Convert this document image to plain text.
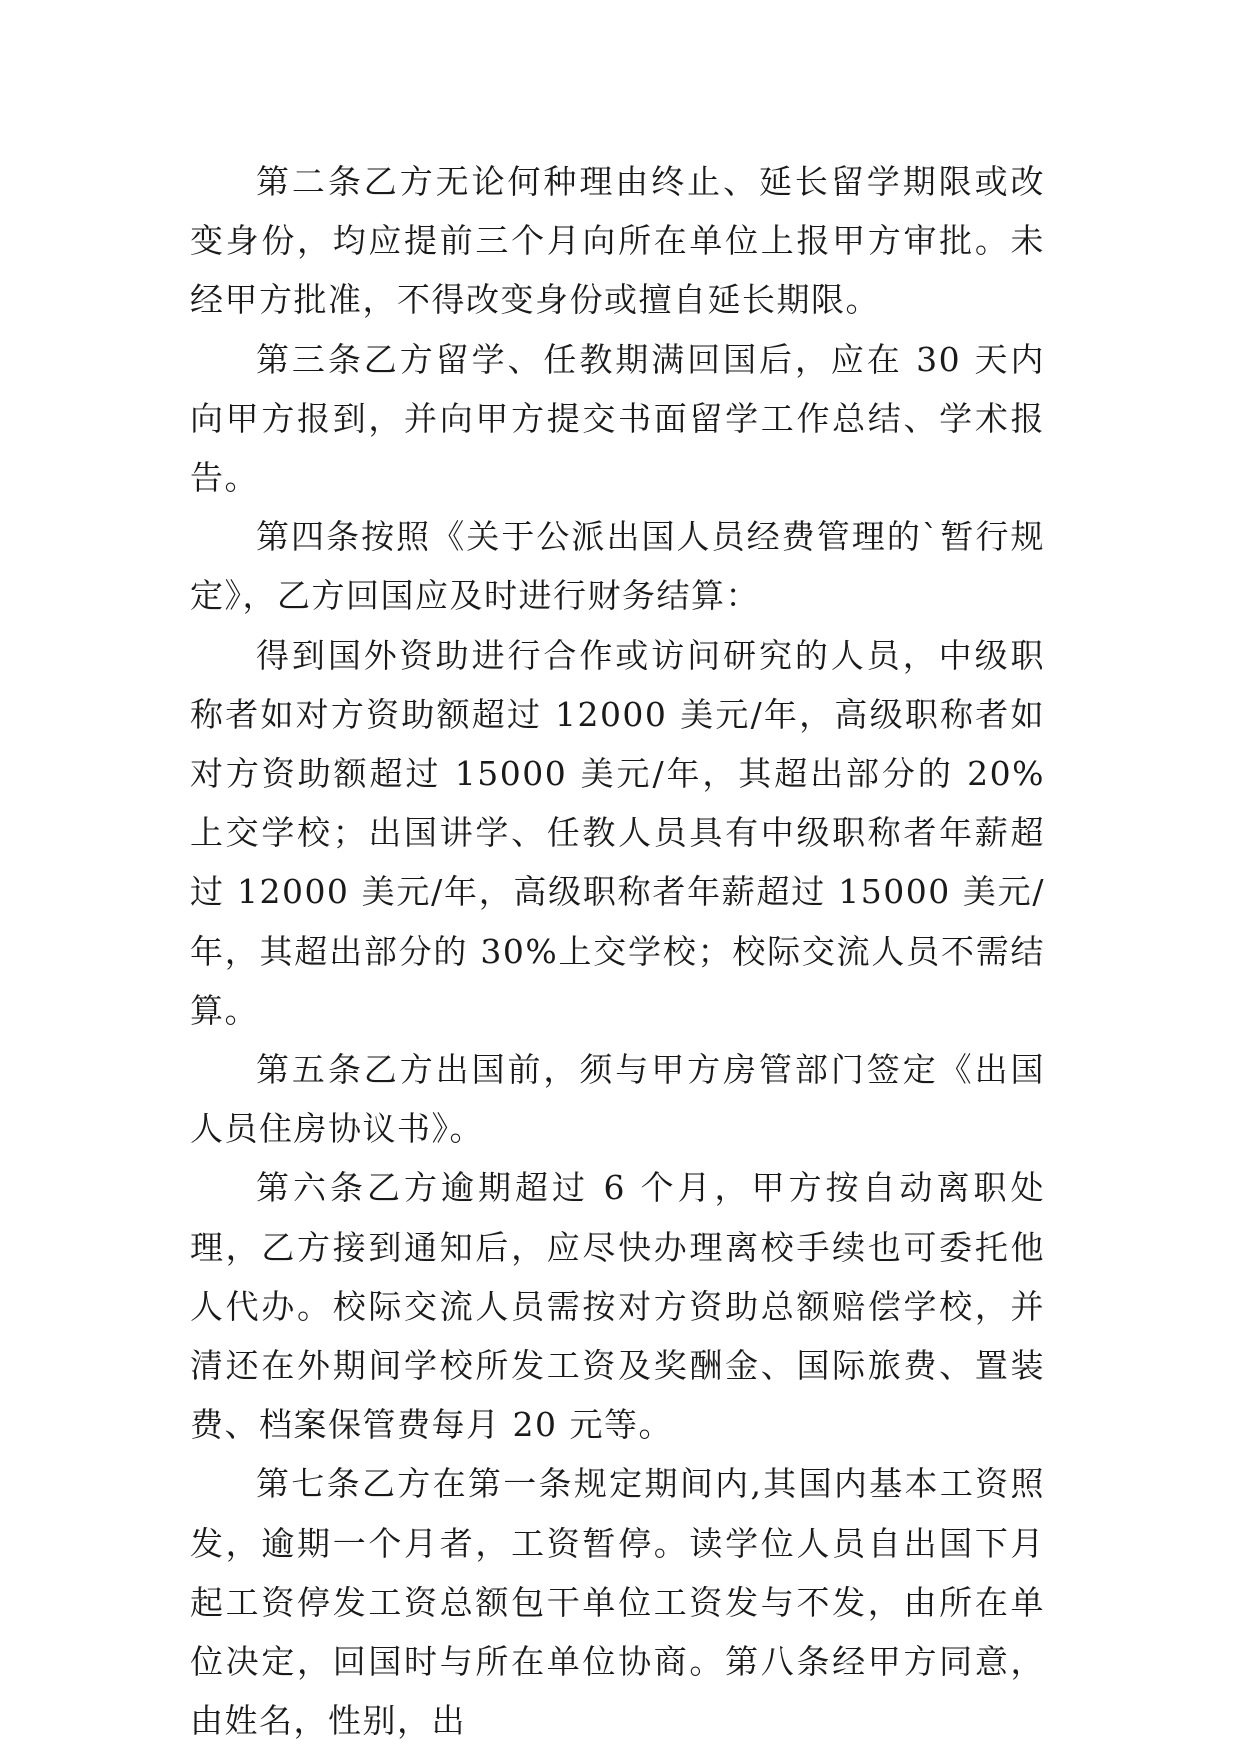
第二条乙方无论何种理由终止、延长留学期限或改变身份，均应提前三个月向所在单位上报甲方审批。未经甲方批准，不得改变身份或擅自延长期限。

第三条乙方留学、任教期满回国后，应在 30 天内向甲方报到，并向甲方提交书面留学工作总结、学术报告。

第四条按照《关于公派出国人员经费管理的`暂行规定》，乙方回国应及时进行财务结算：

得到国外资助进行合作或访问研究的人员，中级职称者如对方资助额超过 12000 美元/年，高级职称者如对方资助额超过 15000 美元/年，其超出部分的 20%上交学校；出国讲学、任教人员具有中级职称者年薪超过 12000 美元/年，高级职称者年薪超过 15000 美元/年，其超出部分的 30%上交学校；校际交流人员不需结算。

第五条乙方出国前，须与甲方房管部门签定《出国人员住房协议书》。

第六条乙方逾期超过 6 个月，甲方按自动离职处理，乙方接到通知后，应尽快办理离校手续也可委托他人代办。校际交流人员需按对方资助总额赔偿学校，并清还在外期间学校所发工资及奖酬金、国际旅费、置装费、档案保管费每月 20 元等。

第七条乙方在第一条规定期间内,其国内基本工资照发，逾期一个月者，工资暂停。读学位人员自出国下月起工资停发工资总额包干单位工资发与不发，由所在单位决定，回国时与所在单位协商。第八条经甲方同意，由姓名，性别，出
